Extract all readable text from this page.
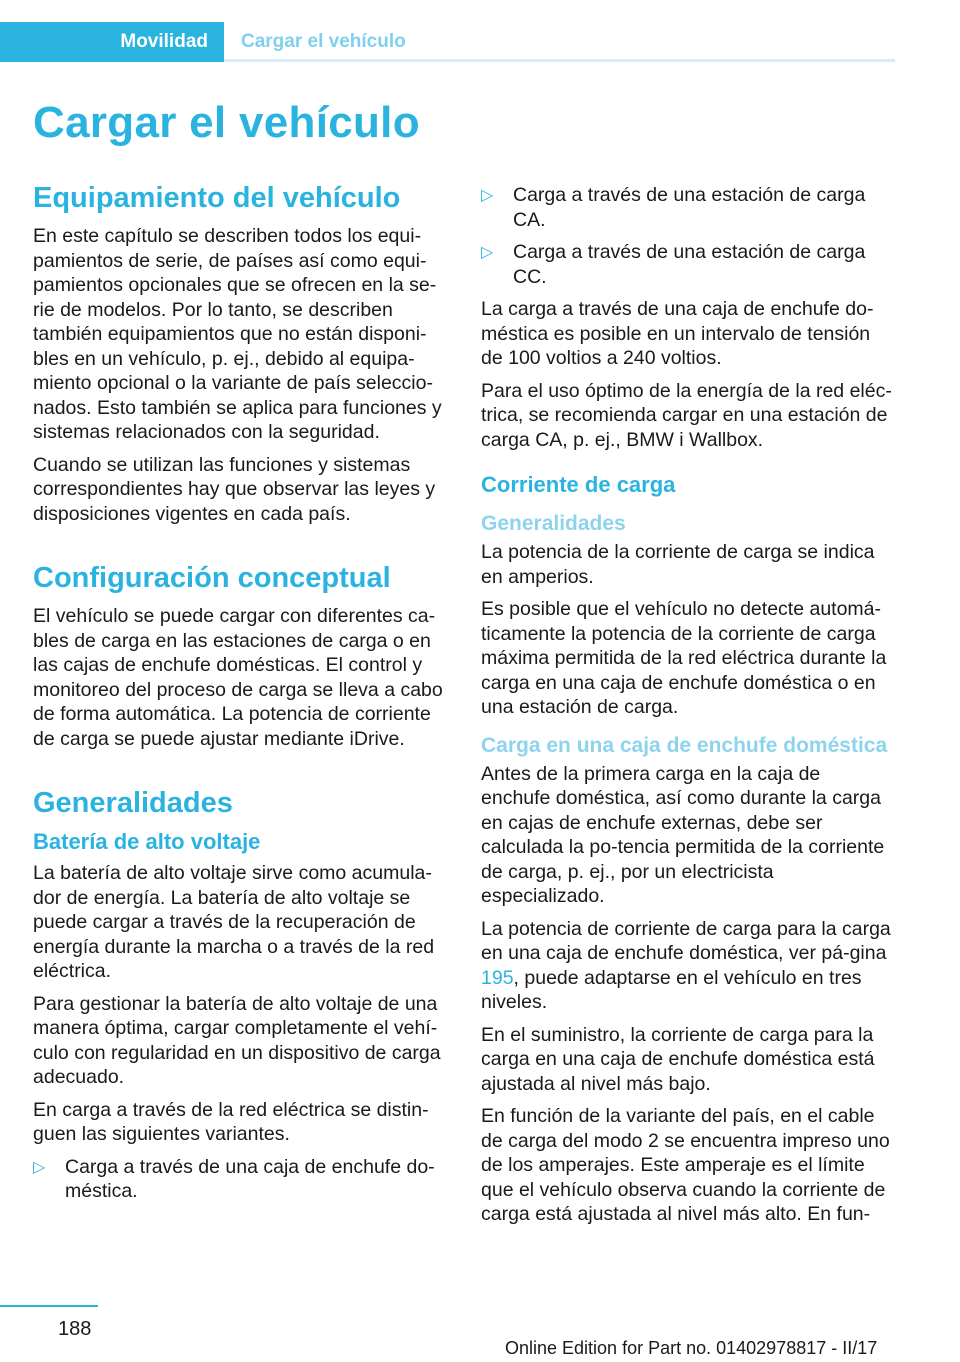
Movilidad	Cargar el vehículo
Cargar el vehículo
Equipamiento del vehículo

En este capítulo se describen todos los equi-pamientos de serie, de países así como equi-pamientos opcionales que se ofrecen en la se-rie de modelos. Por lo tanto, se describen también equipamientos que no están disponi-bles en un vehículo, p. ej., debido al equipa-miento opcional o la variante de país seleccio-nados. Esto también se aplica para funciones y sistemas relacionados con la seguridad.

Cuando se utilizan las funciones y sistemas correspondientes hay que observar las leyes y disposiciones vigentes en cada país.

Configuración conceptual

El vehículo se puede cargar con diferentes ca-bles de carga en las estaciones de carga o en las cajas de enchufe domésticas. El control y monitoreo del proceso de carga se lleva a cabo de forma automática. La potencia de corriente de carga se puede ajustar mediante iDrive.

Generalidades
Batería de alto voltaje

La batería de alto voltaje sirve como acumula-dor de energía. La batería de alto voltaje se puede cargar a través de la recuperación de energía durante la marcha o a través de la red eléctrica.

Para gestionar la batería de alto voltaje de una manera óptima, cargar completamente el vehí-culo con regularidad en un dispositivo de carga adecuado.

En carga a través de la red eléctrica se distin-guen las siguientes variantes.

▷ Carga a través de una caja de enchufe do-méstica.
▷ Carga a través de una estación de carga CA.
▷ Carga a través de una estación de carga CC.

La carga a través de una caja de enchufe do-méstica es posible en un intervalo de tensión de 100 voltios a 240 voltios.

Para el uso óptimo de la energía de la red eléc-trica, se recomienda cargar en una estación de carga CA, p. ej., BMW i Wallbox.

Corriente de carga
Generalidades

La potencia de la corriente de carga se indica en amperios.

Es posible que el vehículo no detecte automá-ticamente la potencia de la corriente de carga máxima permitida de la red eléctrica durante la carga en una caja de enchufe doméstica o en una estación de carga.

Carga en una caja de enchufe doméstica

Antes de la primera carga en la caja de enchufe doméstica, así como durante la carga en cajas de enchufe externas, debe ser calculada la po-tencia permitida de la corriente de carga, p. ej., por un electricista especializado.

La potencia de corriente de carga para la carga en una caja de enchufe doméstica, ver pá-gina 195, puede adaptarse en el vehículo en tres niveles.

En el suministro, la corriente de carga para la carga en una caja de enchufe doméstica está ajustada al nivel más bajo.

En función de la variante del país, en el cable de carga del modo 2 se encuentra impreso uno de los amperajes. Este amperaje es el límite que el vehículo observa cuando la corriente de carga está ajustada al nivel más alto. En fun-

188
Online Edition for Part no. 01402978817 - II/17
